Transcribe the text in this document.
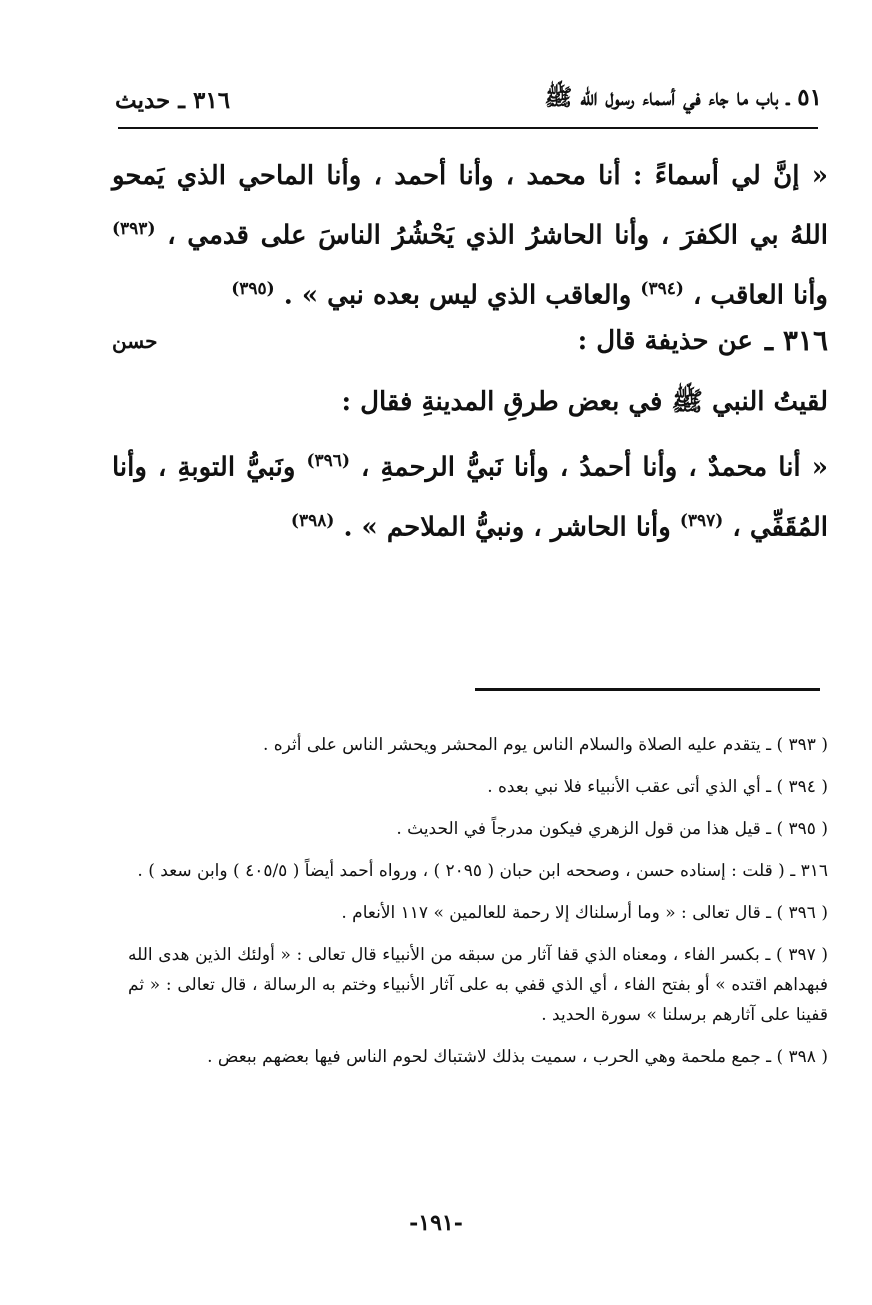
٥١ ـ باب ما جاء في أسماء رسول الله ﷺ
٣١٦ ـ حديث

« إنَّ لي أسماءً : أنا محمد ، وأنا أحمد ، وأنا الماحي الذي يَمحو اللهُ بي الكفرَ ، وأنا الحاشرُ الذي يَحْشُرُ الناسَ على قدمي ، $^{(٣٩٣)}$ وأنا العاقب ، $^{(٣٩٤)}$ والعاقب الذي ليس بعده نبي » . $^{(٣٩٥)}$

٣١٦ ـ
عن حذيفة قال :
حسن

لقيتُ النبي ﷺ في بعض طرقِ المدينةِ فقال :

« أنا محمدٌ ، وأنا أحمدُ ، وأنا نَبيُّ الرحمةِ ، $^{(٣٩٦)}$ ونَبيُّ التوبةِ ، وأنا المُقَفِّي ، $^{(٣٩٧)}$ وأنا الحاشر ، ونبيُّ الملاحم » . $^{(٣٩٨)}$

( ٣٩٣ ) ـ يتقدم عليه الصلاة والسلام الناس يوم المحشر ويحشر الناس على أثره .

( ٣٩٤ ) ـ أي الذي أتى عقب الأنبياء فلا نبي بعده .

( ٣٩٥ ) ـ قيل هذا من قول الزهري فيكون مدرجاً في الحديث .

٣١٦ ـ ( قلت : إسناده حسن ، وصححه ابن حبان ( ٢٠٩٥ ) ، ورواه أحمد أيضاً ( ٤٠٥/٥ ) وابن سعد ) .

( ٣٩٦ ) ـ قال تعالى : « وما أرسلناك إلا رحمة للعالمين » ١١٧ الأنعام .

( ٣٩٧ ) ـ بكسر الفاء ، ومعناه الذي قفا آثار من سبقه من الأنبياء قال تعالى : « أولئك الذين هدى الله فبهداهم اقتده » أو بفتح الفاء ، أي الذي قفي به على آثار الأنبياء وختم به الرسالة ، قال تعالى : « ثم قفينا على آثارهم برسلنا » سورة الحديد .

( ٣٩٨ ) ـ جمع ملحمة وهي الحرب ، سميت بذلك لاشتباك لحوم الناس فيها بعضهم ببعض .

-١٩١-
